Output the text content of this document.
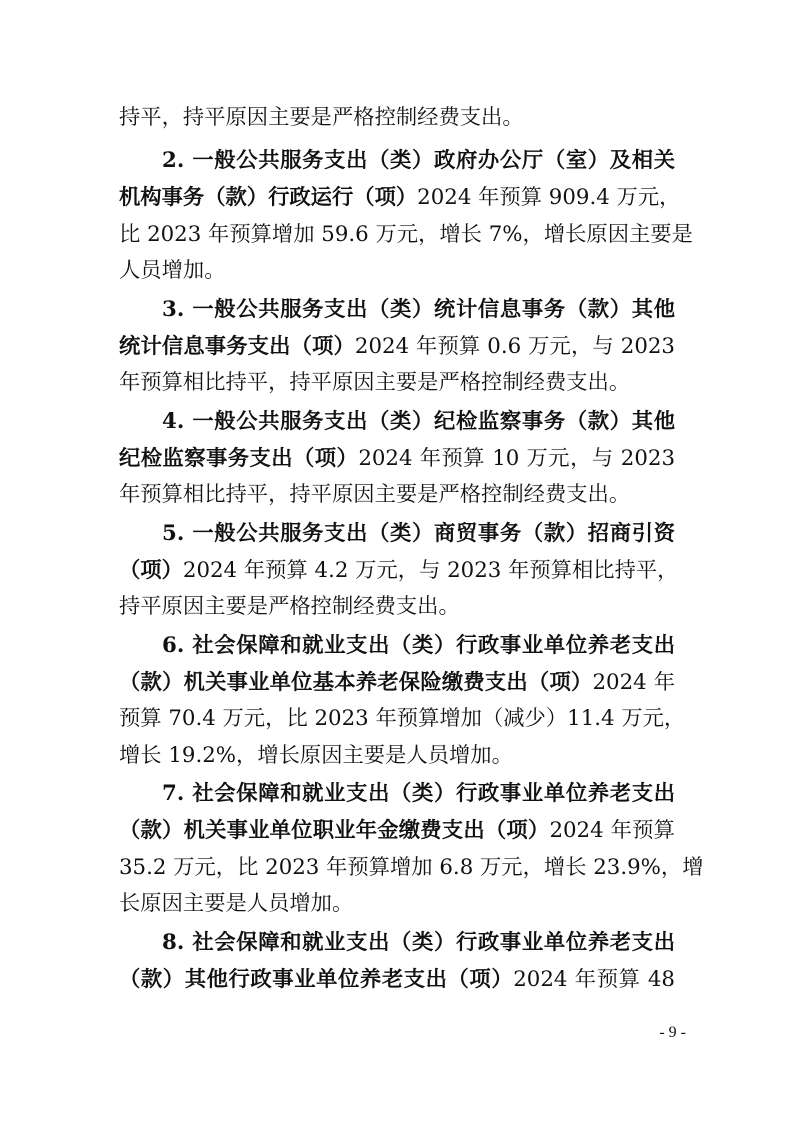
持平，持平原因主要是严格控制经费支出。
2. 一般公共服务支出（类）政府办公厅（室）及相关
机构事务（款）行政运行（项）2024 年预算 909.4 万元，
比 2023 年预算增加 59.6 万元，增长 7%，增长原因主要是
人员增加。
3. 一般公共服务支出（类）统计信息事务（款）其他
统计信息事务支出（项）2024 年预算 0.6 万元，与 2023
年预算相比持平，持平原因主要是严格控制经费支出。
4. 一般公共服务支出（类）纪检监察事务（款）其他
纪检监察事务支出（项）2024 年预算 10 万元，与 2023
年预算相比持平，持平原因主要是严格控制经费支出。
5. 一般公共服务支出（类）商贸事务（款）招商引资
（项）2024 年预算 4.2 万元，与 2023 年预算相比持平，
持平原因主要是严格控制经费支出。
6. 社会保障和就业支出（类）行政事业单位养老支出
（款）机关事业单位基本养老保险缴费支出（项）2024 年
预算 70.4 万元，比 2023 年预算增加（减少）11.4 万元，
增长 19.2%，增长原因主要是人员增加。
7. 社会保障和就业支出（类）行政事业单位养老支出
（款）机关事业单位职业年金缴费支出（项）2024 年预算
35.2 万元，比 2023 年预算增加 6.8 万元，增长 23.9%，增
长原因主要是人员增加。
8. 社会保障和就业支出（类）行政事业单位养老支出
（款）其他行政事业单位养老支出（项）2024 年预算 48
- 9 -
